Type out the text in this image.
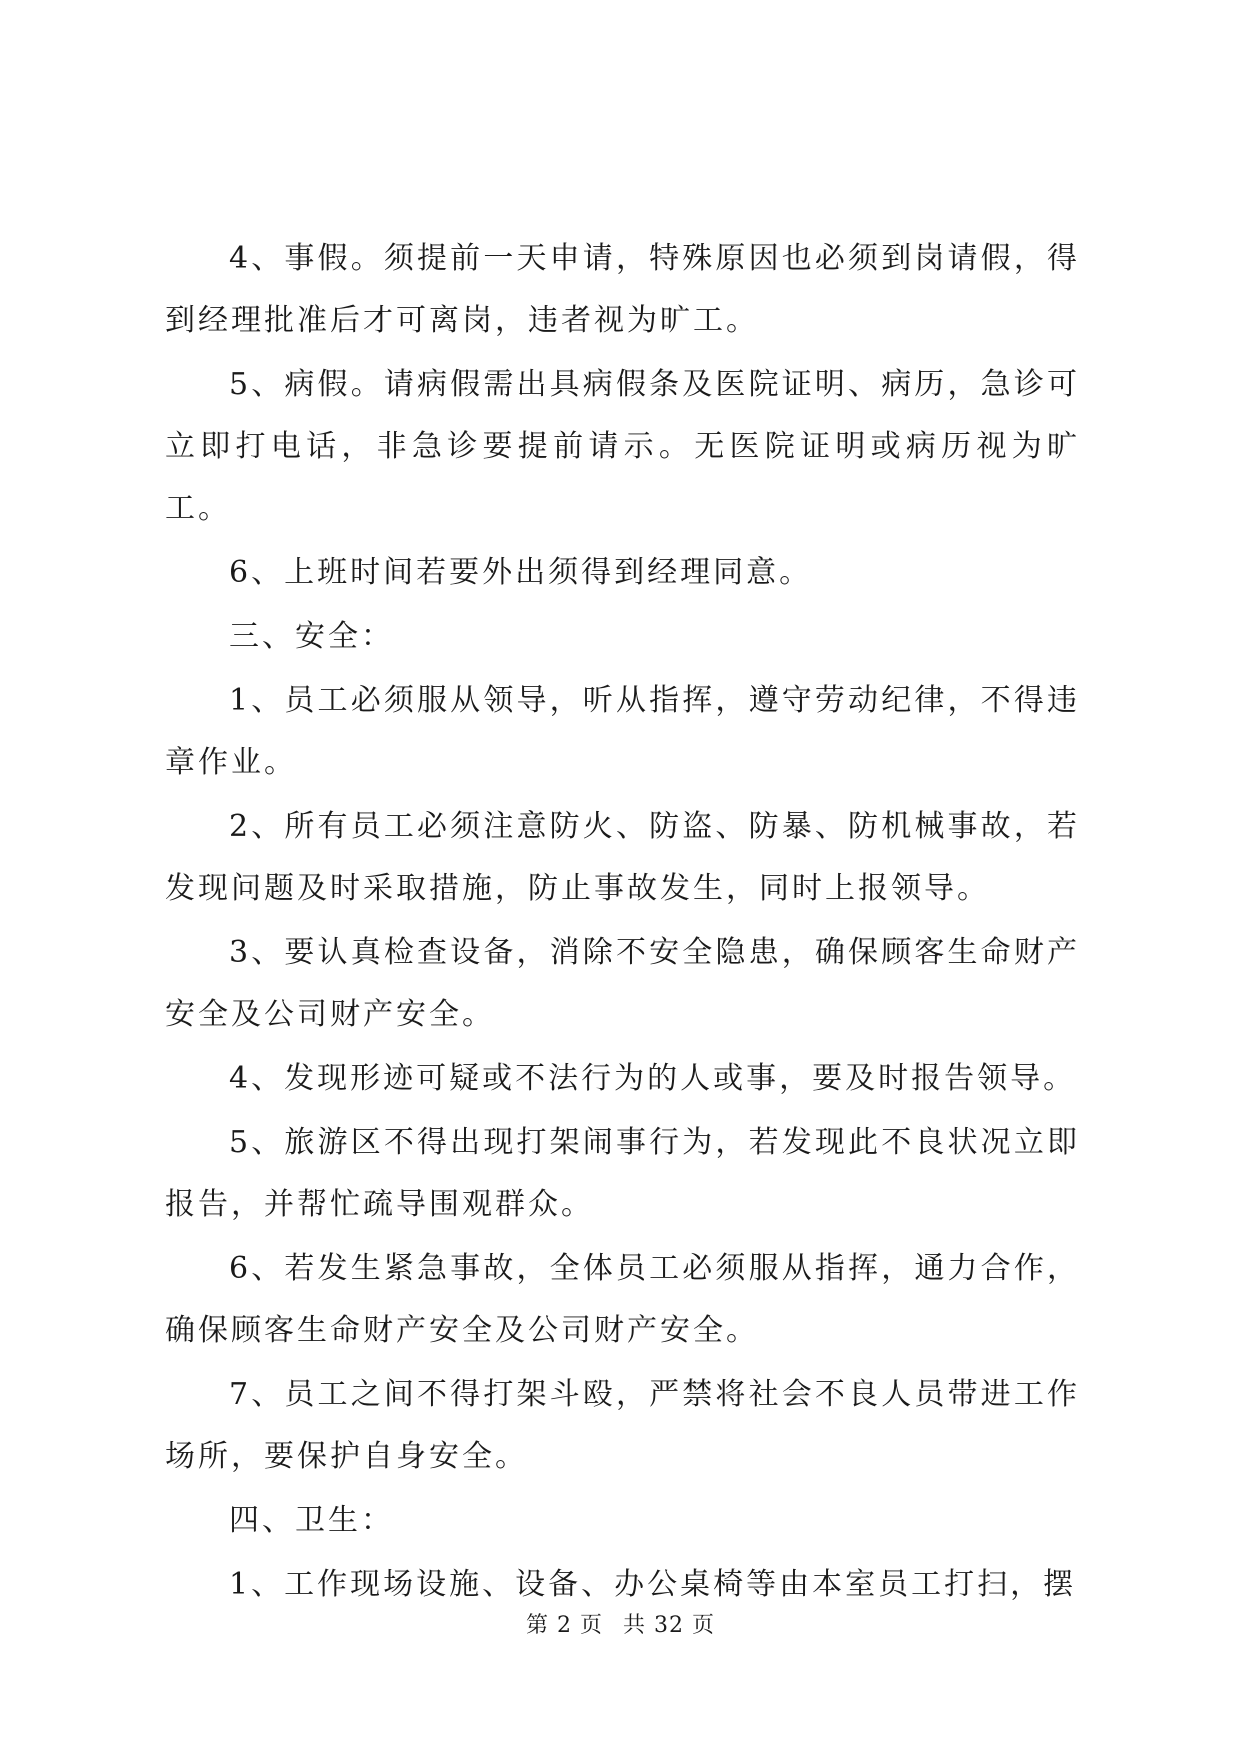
4、事假。须提前一天申请，特殊原因也必须到岗请假，得到经理批准后才可离岗，违者视为旷工。

5、病假。请病假需出具病假条及医院证明、病历，急诊可立即打电话，非急诊要提前请示。无医院证明或病历视为旷工。

6、上班时间若要外出须得到经理同意。

三、安全：

1、员工必须服从领导，听从指挥，遵守劳动纪律，不得违章作业。

2、所有员工必须注意防火、防盗、防暴、防机械事故，若发现问题及时采取措施，防止事故发生，同时上报领导。

3、要认真检查设备，消除不安全隐患，确保顾客生命财产安全及公司财产安全。

4、发现形迹可疑或不法行为的人或事，要及时报告领导。

5、旅游区不得出现打架闹事行为，若发现此不良状况立即报告，并帮忙疏导围观群众。

6、若发生紧急事故，全体员工必须服从指挥，通力合作，确保顾客生命财产安全及公司财产安全。

7、员工之间不得打架斗殴，严禁将社会不良人员带进工作场所，要保护自身安全。

四、卫生：

1、工作现场设施、设备、办公桌椅等由本室员工打扫，摆

第 2 页 共 32 页
